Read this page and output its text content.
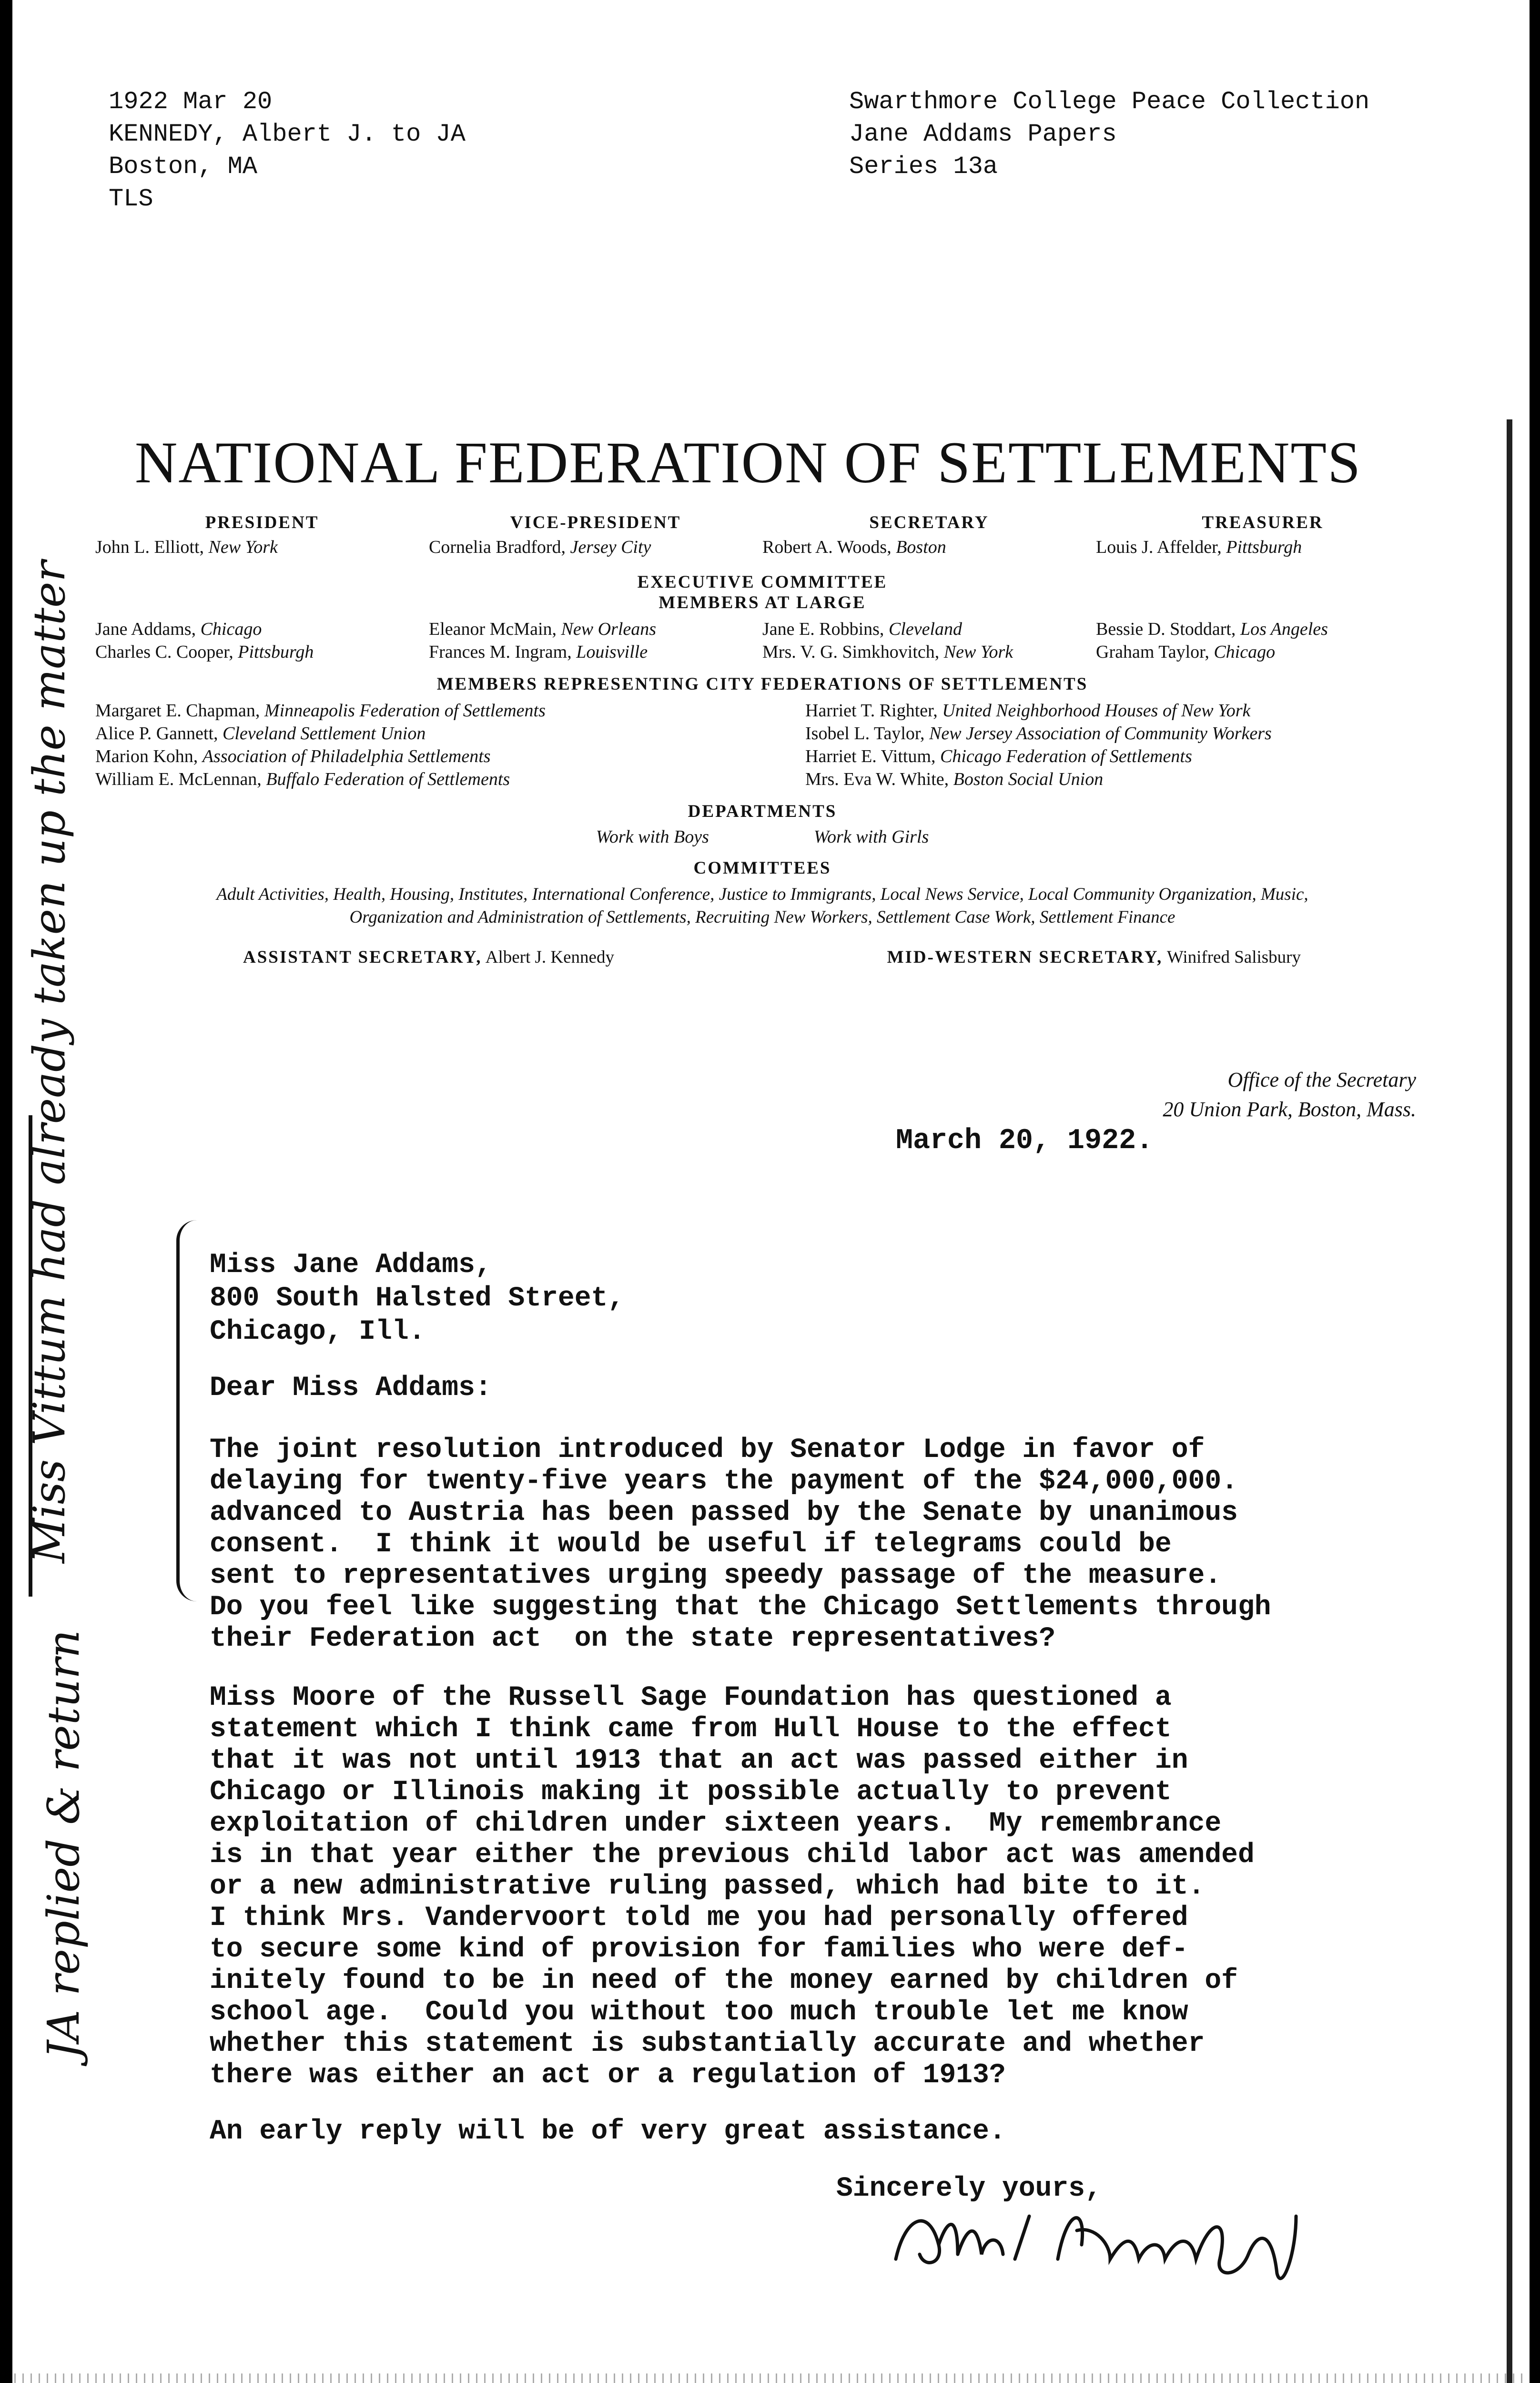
1922 Mar 20
KENNEDY, Albert J. to JA
Boston, MA
TLS
Swarthmore College Peace Collection
Jane Addams Papers
Series 13a
NATIONAL FEDERATION OF SETTLEMENTS
PRESIDENT
John L. Elliott, New York
VICE-PRESIDENT
Cornelia Bradford, Jersey City
SECRETARY
Robert A. Woods, Boston
TREASURER
Louis J. Affelder, Pittsburgh
EXECUTIVE COMMITTEE
MEMBERS AT LARGE
Jane Addams, Chicago
Charles C. Cooper, Pittsburgh
Eleanor McMain, New Orleans
Frances M. Ingram, Louisville
Jane E. Robbins, Cleveland
Mrs. V. G. Simkhovitch, New York
Bessie D. Stoddart, Los Angeles
Graham Taylor, Chicago
MEMBERS REPRESENTING CITY FEDERATIONS OF SETTLEMENTS
Margaret E. Chapman, Minneapolis Federation of Settlements
Alice P. Gannett, Cleveland Settlement Union
Marion Kohn, Association of Philadelphia Settlements
William E. McLennan, Buffalo Federation of Settlements
Harriet T. Righter, United Neighborhood Houses of New York
Isobel L. Taylor, New Jersey Association of Community Workers
Harriet E. Vittum, Chicago Federation of Settlements
Mrs. Eva W. White, Boston Social Union
DEPARTMENTS
Work with Boys	Work with Girls
COMMITTEES
Adult Activities, Health, Housing, Institutes, International Conference, Justice to Immigrants, Local News Service, Local Community Organization, Music,
Organization and Administration of Settlements, Recruiting New Workers, Settlement Case Work, Settlement Finance
ASSISTANT SECRETARY, Albert J. Kennedy	MID-WESTERN SECRETARY, Winifred Salisbury
Office of the Secretary
20 Union Park, Boston, Mass.
March 20, 1922.

Miss Jane Addams,

800 South Halsted Street,

Chicago, Ill.

Dear Miss Addams:

The joint resolution introduced by Senator Lodge in favor of

delaying for twenty-five years the payment of the $24,000,000.

advanced to Austria has been passed by the Senate by unanimous

consent.  I think it would be useful if telegrams could be

sent to representatives urging speedy passage of the measure.

Do you feel like suggesting that the Chicago Settlements through

their Federation act  on the state representatives?

Miss Moore of the Russell Sage Foundation has questioned a

statement which I think came from Hull House to the effect

that it was not until 1913 that an act was passed either in

Chicago or Illinois making it possible actually to prevent

exploitation of children under sixteen years.  My remembrance

is in that year either the previous child labor act was amended

or a new administrative ruling passed, which had bite to it.

I think Mrs. Vandervoort told me you had personally offered

to secure some kind of provision for families who were def-

initely found to be in need of the money earned by children of

school age.  Could you without too much trouble let me know

whether this statement is substantially accurate and whether

there was either an act or a regulation of 1913?

An early reply will be of very great assistance.

Sincerely yours,

Miss Vittum had already taken up the matter
JA replied & return
